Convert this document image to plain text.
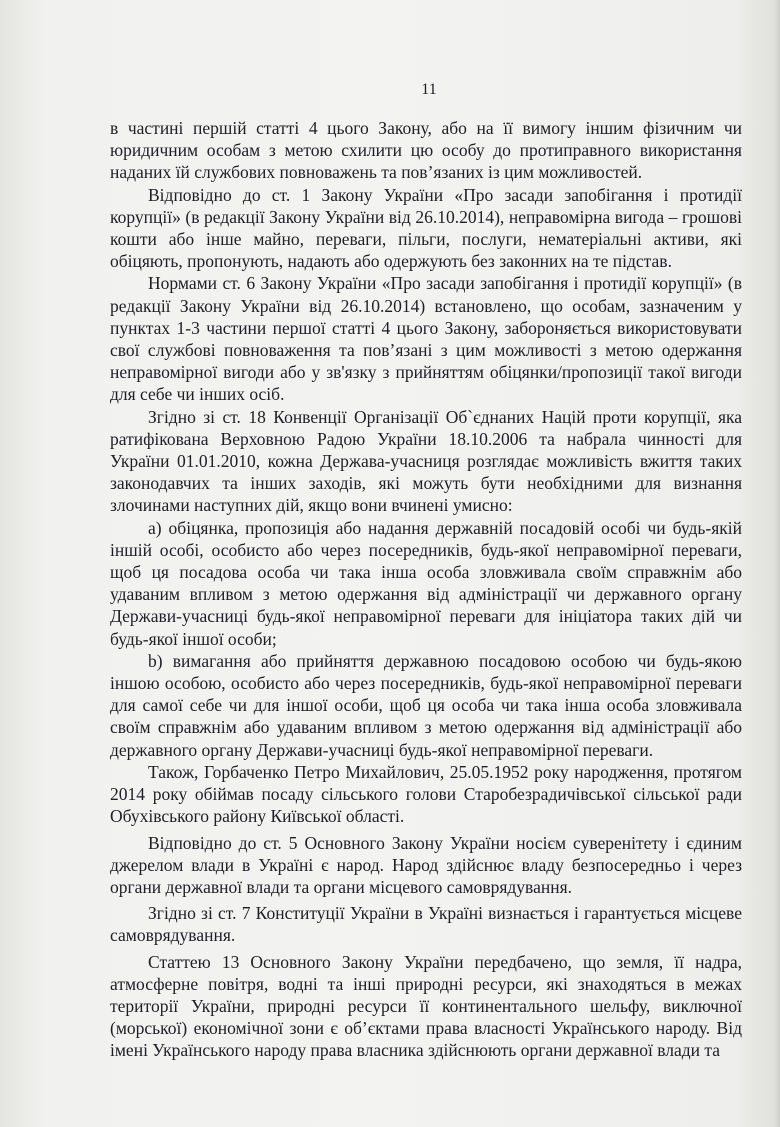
11

в частині першій статті 4 цього Закону, або на її вимогу іншим фізичним чи юридичним особам з метою схилити цю особу до протиправного використання наданих їй службових повноважень та пов’язаних із цим можливостей.

Відповідно до ст. 1 Закону України «Про засади запобігання і протидії корупції» (в редакції Закону України від 26.10.2014), неправомірна вигода – грошові кошти або інше майно, переваги, пільги, послуги, нематеріальні активи, які обіцяють, пропонують, надають або одержують без законних на те підстав.

Нормами ст. 6 Закону України «Про засади запобігання і протидії корупції» (в редакції Закону України від 26.10.2014) встановлено, що особам, зазначеним у пунктах 1-3 частини першої статті 4 цього Закону, забороняється використовувати свої службові повноваження та пов’язані з цим можливості з метою одержання неправомірної вигоди або у зв'язку з прийняттям обіцянки/пропозиції такої вигоди для себе чи інших осіб.

Згідно зі ст. 18 Конвенції Організації Об`єднаних Націй проти корупції, яка ратифікована Верховною Радою України 18.10.2006 та набрала чинності для України 01.01.2010, кожна Держава-учасниця розглядає можливість вжиття таких законодавчих та інших заходів, які можуть бути необхідними для визнання злочинами наступних дій, якщо вони вчинені умисно:

а) обіцянка, пропозиція або надання державній посадовій особі чи будь-якій іншій особі, особисто або через посередників, будь-якої неправомірної переваги, щоб ця посадова особа чи така інша особа зловживала своїм справжнім або удаваним впливом з метою одержання від адміністрації чи державного органу Держави-учасниці будь-якої неправомірної переваги для ініціатора таких дій чи будь-якої іншої особи;

b) вимагання або прийняття державною посадовою особою чи будь-якою іншою особою, особисто або через посередників, будь-якої неправомірної переваги для самої себе чи для іншої особи, щоб ця особа чи така інша особа зловживала своїм справжнім або удаваним впливом з метою одержання від адміністрації або державного органу Держави-учасниці будь-якої неправомірної переваги.

Також, Горбаченко Петро Михайлович, 25.05.1952 року народження, протягом 2014 року обіймав посаду сільського голови Старобезрадичівської сільської ради Обухівського району Київської області.

Відповідно до ст. 5 Основного Закону України носієм суверенітету і єдиним джерелом влади в Україні є народ. Народ здійснює владу безпосередньо і через органи державної влади та органи місцевого самоврядування.

Згідно зі ст. 7 Конституції України в Україні визнається і гарантується місцеве самоврядування.

Статтею 13 Основного Закону України передбачено, що земля, її надра, атмосферне повітря, водні та інші природні ресурси, які знаходяться в межах території України, природні ресурси її континентального шельфу, виключної (морської) економічної зони є об’єктами права власності Українського народу. Від імені Українського народу права власника здійснюють органи державної влади та
